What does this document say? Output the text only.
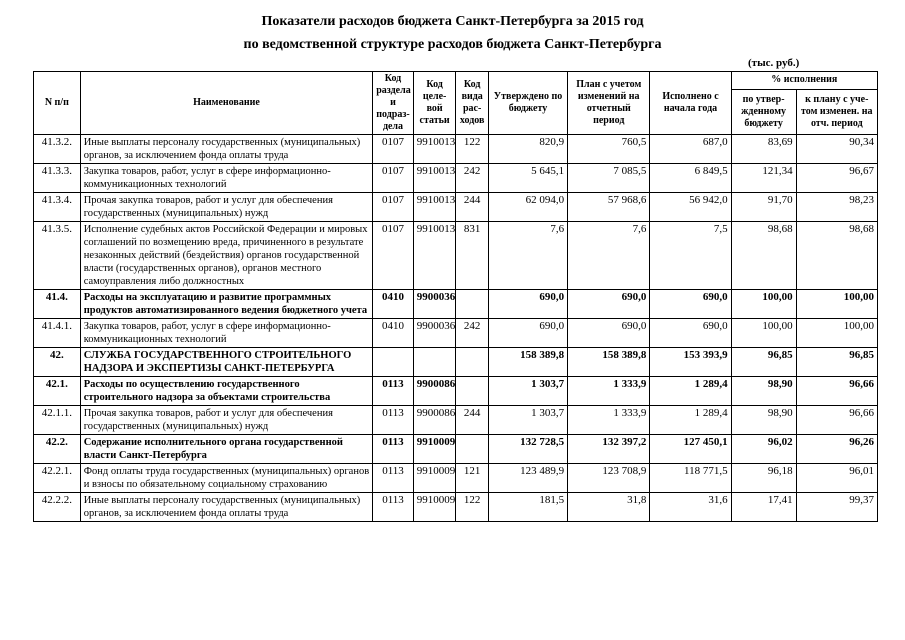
Показатели расходов бюджета Санкт-Петербурга за 2015 год
по ведомственной структуре расходов бюджета Санкт-Петербурга
(тыс. руб.)
N п/п	Наименование	Код раздела и подраз-дела	Код целе-вой статьи	Код вида рас-ходов	Утверждено по бюджету	План с учетом изменений на отчетный период	Исполнено с начала года	% исполнения	
								по утвер-жденному бюджету	к плану с уче-том изменен. на отч. период
41.3.2.	Иные выплаты персоналу государственных (муниципальных) органов, за исключением фонда оплаты труда	0107	9910013	122	820,9	760,5	687,0	83,69	90,34
41.3.3.	Закупка товаров, работ, услуг в сфере информационно-коммуникационных технологий	0107	9910013	242	5 645,1	7 085,5	6 849,5	121,34	96,67
41.3.4.	Прочая закупка товаров, работ и услуг для обеспечения государственных (муниципальных) нужд	0107	9910013	244	62 094,0	57 968,6	56 942,0	91,70	98,23
41.3.5.	Исполнение судебных актов Российской Федерации и мировых соглашений по возмещению вреда, причиненного в результате незаконных действий (бездействия) органов государственной власти (государственных органов), органов местного самоуправления либо должностных	0107	9910013	831	7,6	7,6	7,5	98,68	98,68
41.4.	Расходы на эксплуатацию и развитие программных продуктов автоматизированного ведения бюджетного учета	0410	9900036		690,0	690,0	690,0	100,00	100,00
41.4.1.	Закупка товаров, работ, услуг в сфере информационно-коммуникационных технологий	0410	9900036	242	690,0	690,0	690,0	100,00	100,00
42.	СЛУЖБА ГОСУДАРСТВЕННОГО СТРОИТЕЛЬНОГО НАДЗОРА И ЭКСПЕРТИЗЫ САНКТ-ПЕТЕРБУРГА				158 389,8	158 389,8	153 393,9	96,85	96,85
42.1.	Расходы по осуществлению государственного строительного надзора за объектами строительства	0113	9900086		1 303,7	1 333,9	1 289,4	98,90	96,66
42.1.1.	Прочая закупка товаров, работ и услуг для обеспечения государственных (муниципальных) нужд	0113	9900086	244	1 303,7	1 333,9	1 289,4	98,90	96,66
42.2.	Содержание исполнительного органа государственной власти Санкт-Петербурга	0113	9910009		132 728,5	132 397,2	127 450,1	96,02	96,26
42.2.1.	Фонд оплаты труда государственных (муниципальных) органов и взносы по обязательному социальному страхованию	0113	9910009	121	123 489,9	123 708,9	118 771,5	96,18	96,01
42.2.2.	Иные выплаты персоналу государственных (муниципальных) органов, за исключением фонда оплаты труда	0113	9910009	122	181,5	31,8	31,6	17,41	99,37
